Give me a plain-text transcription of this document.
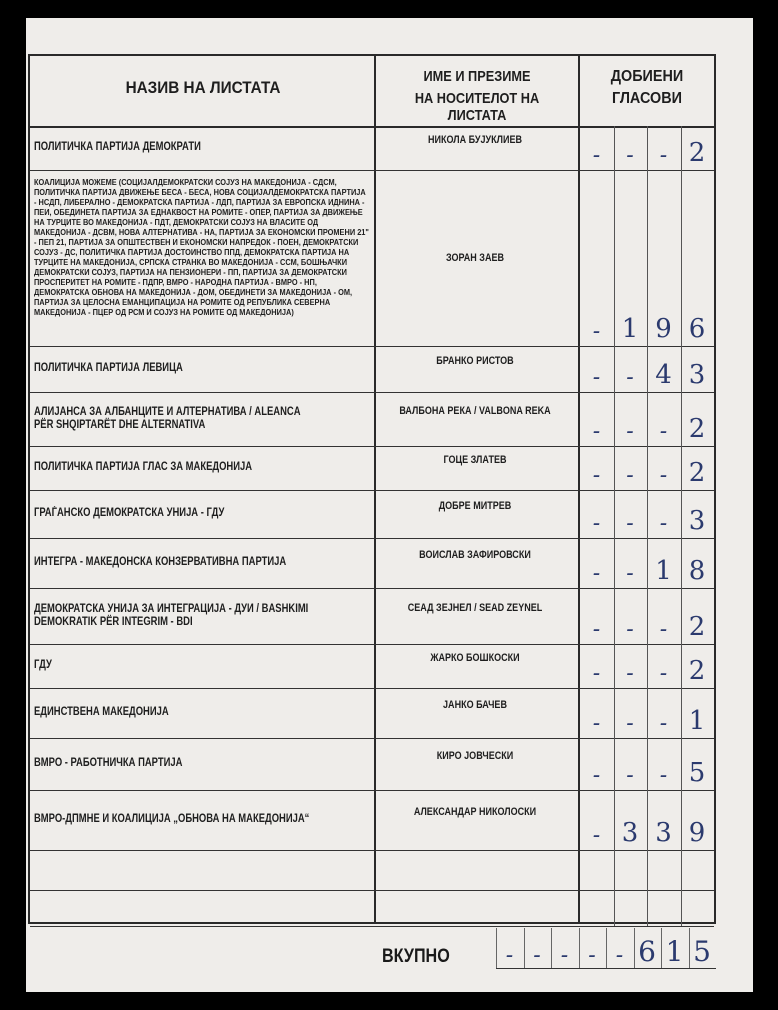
НАЗИВ НА ЛИСТАТА
ИМЕ И ПРЕЗИМЕ
НА НОСИТЕЛОТ НА ЛИСТАТА
ДОБИЕНИ
ГЛАСОВИ
ПОЛИТИЧКА ПАРТИЈА ДЕМОКРАТИ
НИКОЛА БУЈУКЛИЕВ
-	-	- 2
КОАЛИЦИЈА МОЖЕМЕ (СОЦИЈАЛДЕМОКРАТСКИ СОЈУЗ НА МАКЕДОНИЈА - СДСМ, ПОЛИТИЧКА ПАРТИЈА ДВИЖЕЊЕ БЕСА - БЕСА, НОВА СОЦИЈАЛДЕМОКРАТСКА ПАРТИЈА - НСДП, ЛИБЕРАЛНО - ДЕМОКРАТСКА ПАРТИЈА - ЛДП, ПАРТИЈА ЗА ЕВРОПСКА ИДНИНА - ПЕИ, ОБЕДИНЕТА ПАРТИЈА ЗА ЕДНАКВОСТ НА РОМИТЕ - ОПЕР, ПАРТИЈА ЗА ДВИЖЕЊЕ НА ТУРЦИТЕ ВО МАКЕДОНИЈА - ПДТ, ДЕМОКРАТСКИ СОЈУЗ НА ВЛАСИТЕ ОД МАКЕДОНИЈА - ДСВМ, НОВА АЛТЕРНАТИВА - НА, ПАРТИЈА ЗА ЕКОНОМСКИ ПРОМЕНИ 21" - ПЕП 21, ПАРТИЈА ЗА ОПШТЕСТВЕН И ЕКОНОМСКИ НАПРЕДОК - ПОЕН, ДЕМОКРАТСКИ СОЈУЗ - ДС, ПОЛИТИЧКА ПАРТИЈА ДОСТОИНСТВО ППД, ДЕМОКРАТСКА ПАРТИЈА НА ТУРЦИТЕ НА МАКЕДОНИЈА, СРПСКА СТРАНКА ВО МАКЕДОНИЈА - ССМ, БОШЊАЧКИ ДЕМОКРАТСКИ СОЈУЗ, ПАРТИЈА НА ПЕНЗИОНЕРИ - ПП, ПАРТИЈА ЗА ДЕМОКРАТСКИ ПРОСПЕРИТЕТ НА РОМИТЕ - ПДПР, ВМРО - НАРОДНА ПАРТИЈА - ВМРО - НП, ДЕМОКРАТСКА ОБНОВА НА МАКЕДОНИЈА - ДОМ, ОБЕДИНЕТИ ЗА МАКЕДОНИЈА - ОМ, ПАРТИЈА ЗА ЦЕЛОСНА ЕМАНЦИПАЦИЈА НА РОМИТЕ ОД РЕПУБЛИКА СЕВЕРНА МАКЕДОНИЈА - ПЦЕР ОД РСМ И СОЈУЗ НА РОМИТЕ ОД МАКЕДОНИЈА)
ЗОРАН ЗАЕВ
- 1 9 6
ПОЛИТИЧКА ПАРТИЈА ЛЕВИЦА
БРАНКО РИСТОВ
-	- 4 3
АЛИЈАНСА ЗА АЛБАНЦИТЕ И АЛТЕРНАТИВА / ALEANCA PËR SHQIPTARËT DHE ALTERNATIVA
ВАЛБОНА РЕКА / VALBONA REKA
-	-	- 2
ПОЛИТИЧКА ПАРТИЈА ГЛАС ЗА МАКЕДОНИЈА
ГОЦЕ ЗЛАТЕВ
-	-	- 2
ГРАЃАНСКО ДЕМОКРАТСКА УНИЈА - ГДУ
ДОБРЕ МИТРЕВ
-	-	- 3
ИНТЕГРА - МАКЕДОНСКА КОНЗЕРВАТИВНА ПАРТИЈА
ВОИСЛАВ ЗАФИРОВСКИ
-	- 1 8
ДЕМОКРАТСКА УНИЈА ЗА ИНТЕГРАЦИЈА - ДУИ / BASHKIMI DEMOKRATIK PËR INTEGRIM - BDI
СЕАД ЗЕЈНЕЛ / SEAD ZEYNEL
-	-	- 2
ГДУ
ЖАРКО БОШКОСКИ
-	-	- 2
ЕДИНСТВЕНА МАКЕДОНИЈА
ЈАНКО БАЧЕВ
-	-	- 1
ВМРО - РАБОТНИЧКА ПАРТИЈА
КИРО ЈОВЧЕСКИ
-	-	- 5
ВМРО-ДПМНЕ И КОАЛИЦИЈА „ОБНОВА НА МАКЕДОНИЈА“
АЛЕКСАНДАР НИКОЛОСКИ
- 3 3 9
ВКУПНО	- - - - - 6 1 5
